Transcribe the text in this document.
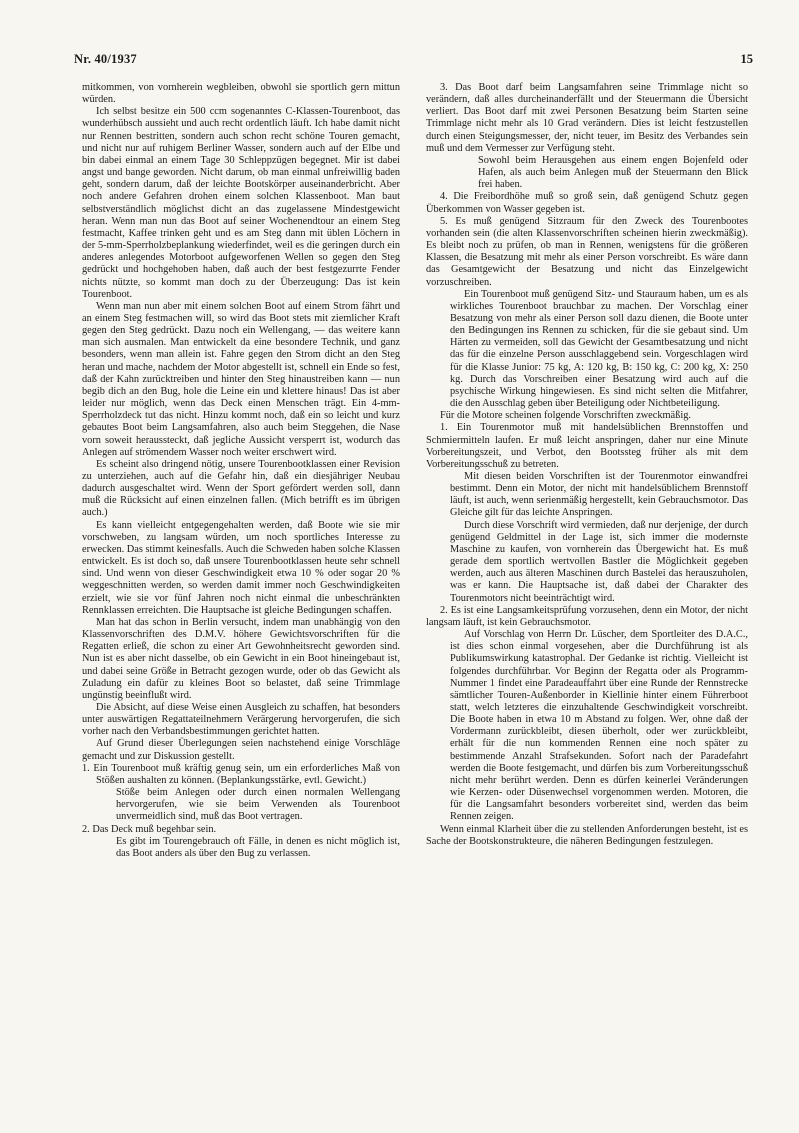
Nr. 40/1937	15

mitkommen, von vornherein wegbleiben, obwohl sie sportlich gern mittun würden.

Ich selbst besitze ein 500 ccm sogenanntes C-Klassen-Tourenboot, das wunderhübsch aussieht und auch recht ordentlich läuft. Ich habe damit nicht nur Rennen bestritten, sondern auch schon recht schöne Touren gemacht, und nicht nur auf ruhigem Berliner Wasser, sondern auch auf der Elbe und bin dabei einmal an einem Tage 30 Schleppzügen begegnet. Mir ist dabei angst und bange geworden. Nicht darum, ob man einmal unfreiwillig baden geht, sondern darum, daß der leichte Bootskörper auseinanderbricht. Aber noch andere Gefahren drohen einem solchen Klassenboot. Man baut selbstverständlich möglichst dicht an das zugelassene Mindestgewicht heran. Wenn man nun das Boot auf seiner Wochenendtour an einem Steg festmacht, Kaffee trinken geht und es am Steg dann mit üblen Löchern in der 5-mm-Sperrholzbeplankung wiederfindet, weil es die geringen durch ein anderes anlegendes Motorboot aufgeworfenen Wellen so gegen den Steg gedrückt und hochgehoben haben, daß auch der best festgezurrte Fender nichts nützte, so kommt man doch zu der Überzeugung: Das ist kein Tourenboot.

Wenn man nun aber mit einem solchen Boot auf einem Strom fährt und an einem Steg festmachen will, so wird das Boot stets mit ziemlicher Kraft gegen den Steg gedrückt. Dazu noch ein Wellengang, — das weitere kann man sich ausmalen. Man entwickelt da eine besondere Technik, und ganz besonders, wenn man allein ist. Fahre gegen den Strom dicht an den Steg heran und mache, nachdem der Motor abgestellt ist, schnell ein Ende so fest, daß der Kahn zurücktreiben und hinter den Steg hinaustreiben kann — nun begib dich an den Bug, hole die Leine ein und klettere hinaus! Das ist aber leider nur möglich, wenn das Deck einen Menschen trägt. Ein 4-mm-Sperrholzdeck tut das nicht. Hinzu kommt noch, daß ein so leicht und kurz gebautes Boot beim Langsamfahren, also auch beim Steggehen, die Nase vorn soweit heraussteckt, daß jegliche Aussicht versperrt ist, wodurch das Anlegen auf strömendem Wasser noch weiter erschwert wird.

Es scheint also dringend nötig, unsere Tourenbootklassen einer Revision zu unterziehen, auch auf die Gefahr hin, daß ein diesjähriger Neubau dadurch ausgeschaltet wird. Wenn der Sport gefördert werden soll, dann muß die Rücksicht auf einen einzelnen fallen. (Mich betrifft es im übrigen auch.)

Es kann vielleicht entgegengehalten werden, daß Boote wie sie mir vorschweben, zu langsam würden, um noch sportliches Interesse zu erwecken. Das stimmt keinesfalls. Auch die Schweden haben solche Klassen entwickelt. Es ist doch so, daß unsere Tourenbootklassen heute sehr schnell sind. Und wenn von dieser Geschwindigkeit etwa 10 % oder sogar 20 % weggeschnitten werden, so werden damit immer noch Geschwindigkeiten erzielt, wie sie vor fünf Jahren noch nicht einmal die unbeschränkten Rennklassen erreichten. Die Hauptsache ist gleiche Bedingungen schaffen.

Man hat das schon in Berlin versucht, indem man unabhängig von den Klassenvorschriften des D.M.V. höhere Gewichtsvorschriften für die Regatten erließ, die schon zu einer Art Gewohnheitsrecht geworden sind. Nun ist es aber nicht dasselbe, ob ein Gewicht in ein Boot hineingebaut ist, und dabei seine Größe in Betracht gezogen wurde, oder ob das Gewicht als Zuladung ein dafür zu kleines Boot so belastet, daß seine Trimmlage ungünstig beeinflußt wird.

Die Absicht, auf diese Weise einen Ausgleich zu schaffen, hat besonders unter auswärtigen Regattateilnehmern Verärgerung hervorgerufen, die sich vorher nach den Verbandsbestimmungen gerichtet hatten.

Auf Grund dieser Überlegungen seien nachstehend einige Vorschläge gemacht und zur Diskussion gestellt.

1. Ein Tourenboot muß kräftig genug sein, um ein erforderliches Maß von Stößen aushalten zu können. (Beplankungsstärke, evtl. Gewicht.)

Stöße beim Anlegen oder durch einen normalen Wellengang hervorgerufen, wie sie beim Verwenden als Tourenboot unvermeidlich sind, muß das Boot vertragen.

2. Das Deck muß begehbar sein.

Es gibt im Tourengebrauch oft Fälle, in denen es nicht möglich ist, das Boot anders als über den Bug zu verlassen.

3. Das Boot darf beim Langsamfahren seine Trimmlage nicht so verändern, daß alles durcheinanderfällt und der Steuermann die Übersicht verliert. Das Boot darf mit zwei Personen Besatzung beim Starten seine Trimmlage nicht mehr als 10 Grad verändern. Dies ist leicht festzustellen durch einen Steigungsmesser, der, nicht teuer, im Besitz des Verbandes sein muß und dem Vermesser zur Verfügung steht.

Sowohl beim Herausgehen aus einem engen Bojenfeld oder Hafen, als auch beim Anlegen muß der Steuermann den Blick frei haben.

4. Die Freibordhöhe muß so groß sein, daß genügend Schutz gegen Überkommen von Wasser gegeben ist.

5. Es muß genügend Sitzraum für den Zweck des Tourenbootes vorhanden sein (die alten Klassenvorschriften scheinen hierin zweckmäßig). Es bleibt noch zu prüfen, ob man in Rennen, wenigstens für die größeren Klassen, die Besatzung mit mehr als einer Person vorschreibt. Es wäre dann das Gesamtgewicht der Besatzung und nicht das Einzelgewicht vorzuschreiben.

Ein Tourenboot muß genügend Sitz- und Stauraum haben, um es als wirkliches Tourenboot brauchbar zu machen. Der Vorschlag einer Besatzung von mehr als einer Person soll dazu dienen, die Boote unter den Bedingungen ins Rennen zu schicken, für die sie gebaut sind. Um Härten zu vermeiden, soll das Gewicht der Gesamtbesatzung und nicht das für die einzelne Person ausschlaggebend sein. Vorgeschlagen wird für die Klasse Junior: 75 kg, A: 120 kg, B: 150 kg, C: 200 kg, X: 250 kg. Durch das Vorschreiben einer Besatzung wird auch auf die psychische Wirkung hingewiesen. Es sind nicht selten die Mitfahrer, die den Ausschlag geben über Beteiligung oder Nichtbeteiligung.

Für die Motore scheinen folgende Vorschriften zweckmäßig.

1. Ein Tourenmotor muß mit handelsüblichen Brennstoffen und Schmiermitteln laufen. Er muß leicht anspringen, daher nur eine Minute Vorbereitungszeit, und Verbot, den Bootssteg früher als mit dem Vorbereitungsschuß zu betreten.

Mit diesen beiden Vorschriften ist der Tourenmotor einwandfrei bestimmt. Denn ein Motor, der nicht mit handelsüblichem Brennstoff läuft, ist auch, wenn serienmäßig hergestellt, kein Gebrauchsmotor. Das Gleiche gilt für das leichte Anspringen.

Durch diese Vorschrift wird vermieden, daß nur derjenige, der durch genügend Geldmittel in der Lage ist, sich immer die modernste Maschine zu kaufen, von vornherein das Übergewicht hat. Es muß gerade dem sportlich wertvollen Bastler die Möglichkeit gegeben werden, auch aus älteren Maschinen durch Bastelei das herauszuholen, was er kann. Die Hauptsache ist, daß dabei der Charakter des Tourenmotors nicht beeinträchtigt wird.

2. Es ist eine Langsamkeitsprüfung vorzusehen, denn ein Motor, der nicht langsam läuft, ist kein Gebrauchsmotor.

Auf Vorschlag von Herrn Dr. Lüscher, dem Sportleiter des D.A.C., ist dies schon einmal vorgesehen, aber die Durchführung ist als Publikumswirkung katastrophal. Der Gedanke ist richtig. Vielleicht ist folgendes durchführbar. Vor Beginn der Regatta oder als Programm-Nummer 1 findet eine Paradeauffahrt über eine Runde der Rennstrecke sämtlicher Touren-Außenborder in Kiellinie hinter einem Führerboot statt, welch letzteres die einzuhaltende Geschwindigkeit vorschreibt. Die Boote haben in etwa 10 m Abstand zu folgen. Wer, ohne daß der Vordermann zurückbleibt, diesen überholt, oder wer zurückbleibt, erhält für die nun kommenden Rennen eine noch später zu bestimmende Anzahl Strafsekunden. Sofort nach der Paradefahrt werden die Boote festgemacht, und dürfen bis zum Vorbereitungsschuß nicht mehr berührt werden. Denn es dürfen keinerlei Veränderungen wie Kerzen- oder Düsenwechsel vorgenommen werden. Motoren, die für die Langsamfahrt besonders vorbereitet sind, werden das beim Rennen zeigen.

Wenn einmal Klarheit über die zu stellenden Anforderungen besteht, ist es Sache der Bootskonstrukteure, die näheren Bedingungen festzulegen.
